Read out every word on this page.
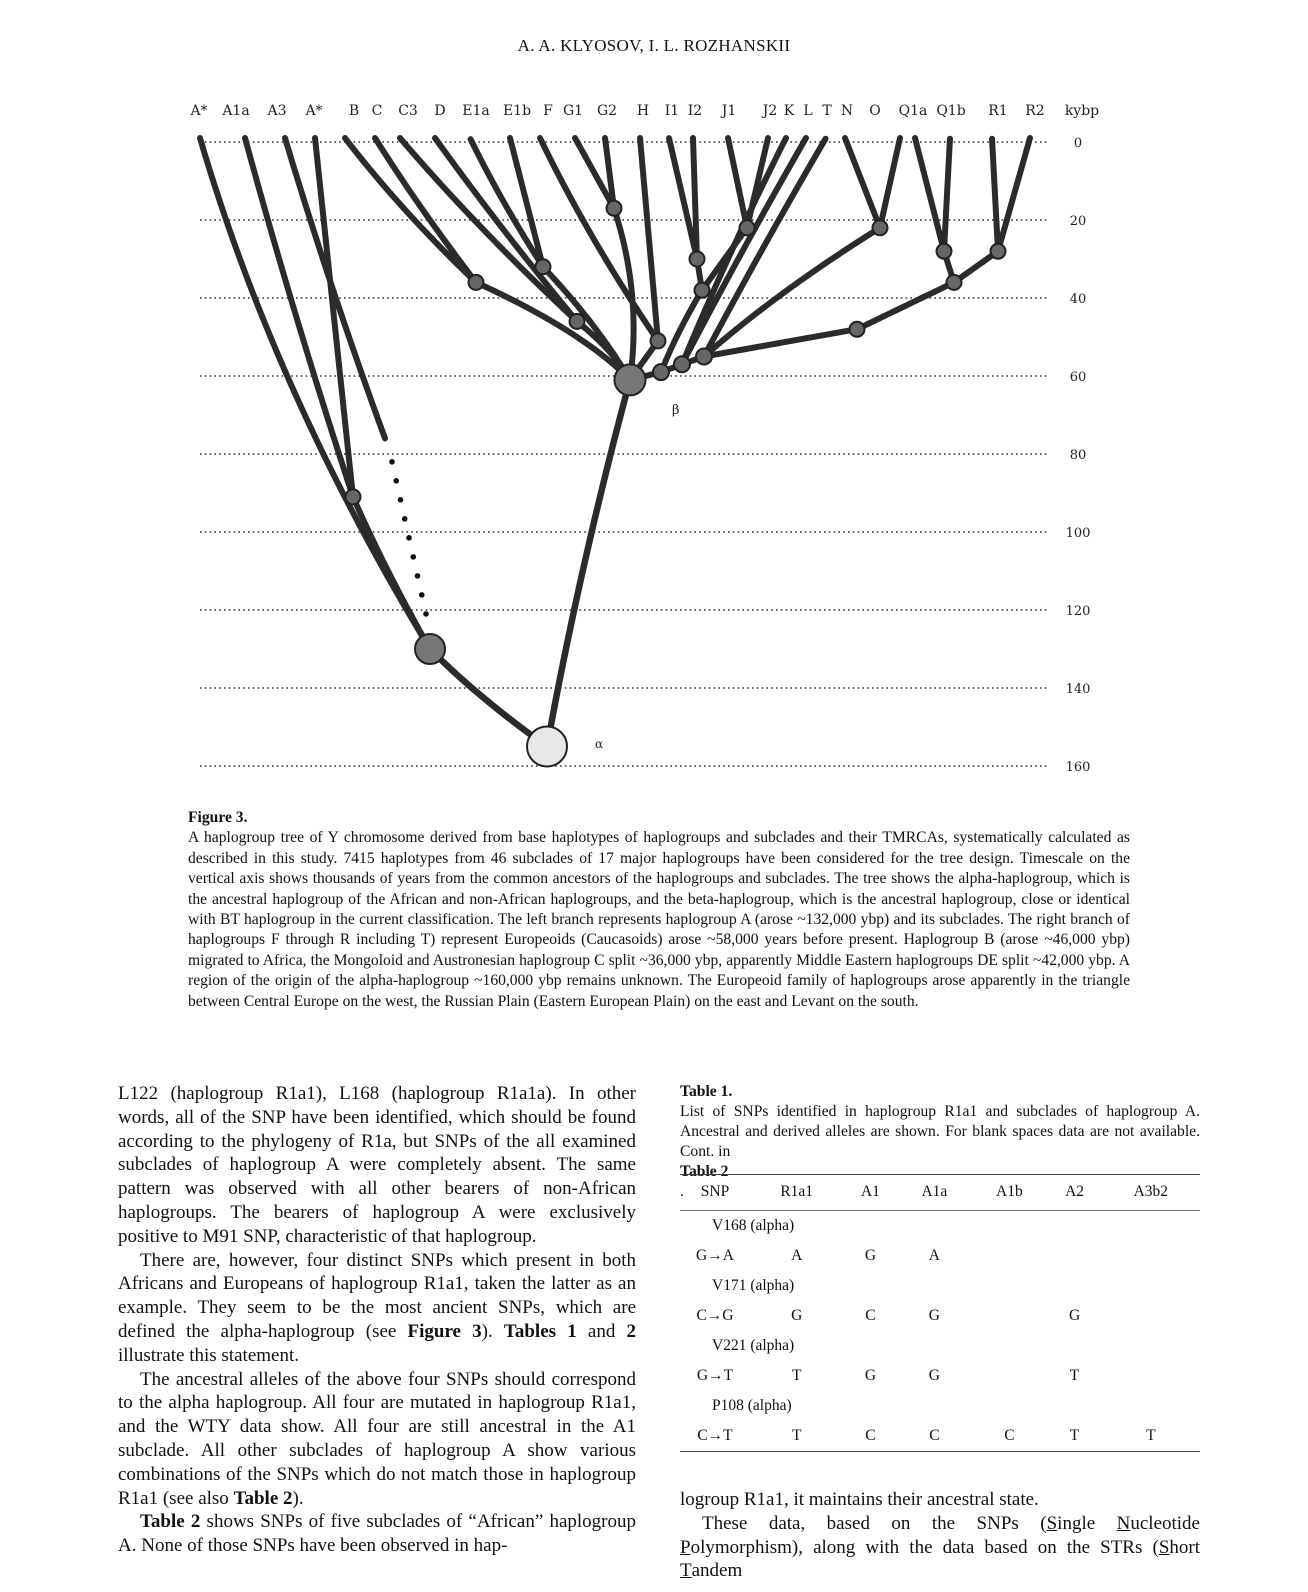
A. A. KLYOSOV, I. L. ROZHANSKII
0
20
40
60
80
100
120
140
160
kybp
A* A1a A3 A* B C C3 D E1a E1b F G1 G2 H I1 I2 J1 J2 K L T N O Q1a Q1b R1 R2
α
β
Figure 3.
A haplogroup tree of Y chromosome derived from base haplotypes of haplogroups and subclades and their TMRCAs, systematically calculated as described in this study. 7415 haplotypes from 46 subclades of 17 major haplogroups have been considered for the tree design. Timescale on the vertical axis shows thousands of years from the common ancestors of the haplogroups and subclades. The tree shows the alpha-haplogroup, which is the ancestral haplogroup of the African and non-African haplogroups, and the beta-haplogroup, which is the ancestral haplogroup, close or identical with BT haplogroup in the current classification. The left branch represents haplogroup A (arose ~132,000 ybp) and its subclades. The right branch of haplogroups F through R including T) represent Europeoids (Caucasoids) arose ~58,000 years before present. Haplogroup B (arose ~46,000 ybp) migrated to Africa, the Mongoloid and Austronesian haplogroup C split ~36,000 ybp, apparently Middle Eastern haplogroups DE split ~42,000 ybp. A region of the origin of the alpha-haplogroup ~160,000 ybp remains unknown. The Europeoid family of haplogroups arose apparently in the triangle between Central Europe on the west, the Russian Plain (Eastern European Plain) on the east and Levant on the south.

L122 (haplogroup R1a1), L168 (haplogroup R1a1a). In other words, all of the SNP have been identified, which should be found according to the phylogeny of R1a, but SNPs of the all examined subclades of haplogroup A were completely absent. The same pattern was observed with all other bearers of non-African haplogroups. The bearers of haplogroup A were exclusively positive to M91 SNP, characteristic of that haplogroup.

There are, however, four distinct SNPs which present in both Africans and Europeans of haplogroup R1a1, taken the latter as an example. They seem to be the most ancient SNPs, which are defined the alpha-haplogroup (see Figure 3). Tables 1 and 2 illustrate this statement.

The ancestral alleles of the above four SNPs should correspond to the alpha haplogroup. All four are mutated in haplogroup R1a1, and the WTY data show. All four are still ancestral in the A1 subclade. All other subclades of haplogroup A show various combinations of the SNPs which do not match those in haplogroup R1a1 (see also Table 2).

Table 2 shows SNPs of five subclades of “African” haplogroup A. None of those SNPs have been observed in hap-

Table 1.
List of SNPs identified in haplogroup R1a1 and subclades of haplogroup A. Ancestral and derived alleles are shown. For blank spaces data are not available. Cont. in
Table 2
.	SNP	R1a1	A1	A1a	A1b	A2	A3b2
V168 (alpha)						
G→A	A	G	A			
V171 (alpha)						
C→G	G	C	G		G	
V221 (alpha)						
G→T	T	G	G		T	
P108 (alpha)						
C→T	T	C	C	C	T	T

logroup R1a1, it maintains their ancestral state.

These data, based on the SNPs (Single Nucleotide Polymorphism), along with the data based on the STRs (Short Tandem
